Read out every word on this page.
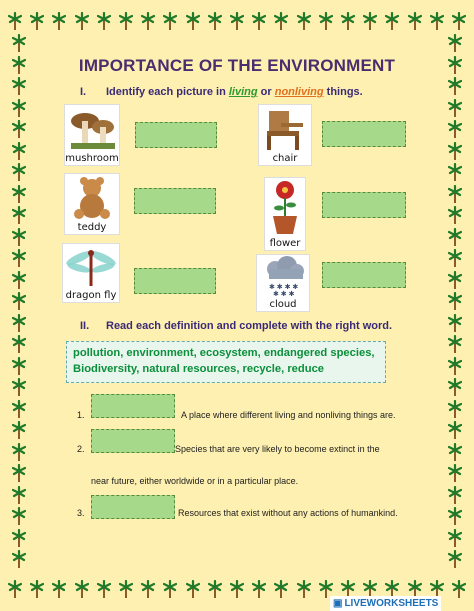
IMPORTANCE OF THE ENVIRONMENT
I. Identify each picture in living or nonliving things.
mushroom	chair
teddy
flower
dragon fly
✱ ✱ ✱ ✱
✱ ✱ ✱
cloud
II. Read each definition and complete with the right word.
pollution, environment, ecosystem, endangered species,
Biodiversity, natural resources, recycle, reduce
1.	A place where different living and nonliving things are.
2.	Species that are very likely to become extinct in the
near future, either worldwide or in a particular place.
3.	Resources that exist without any actions of humankind.
▣ LIVEWORKSHEETS
